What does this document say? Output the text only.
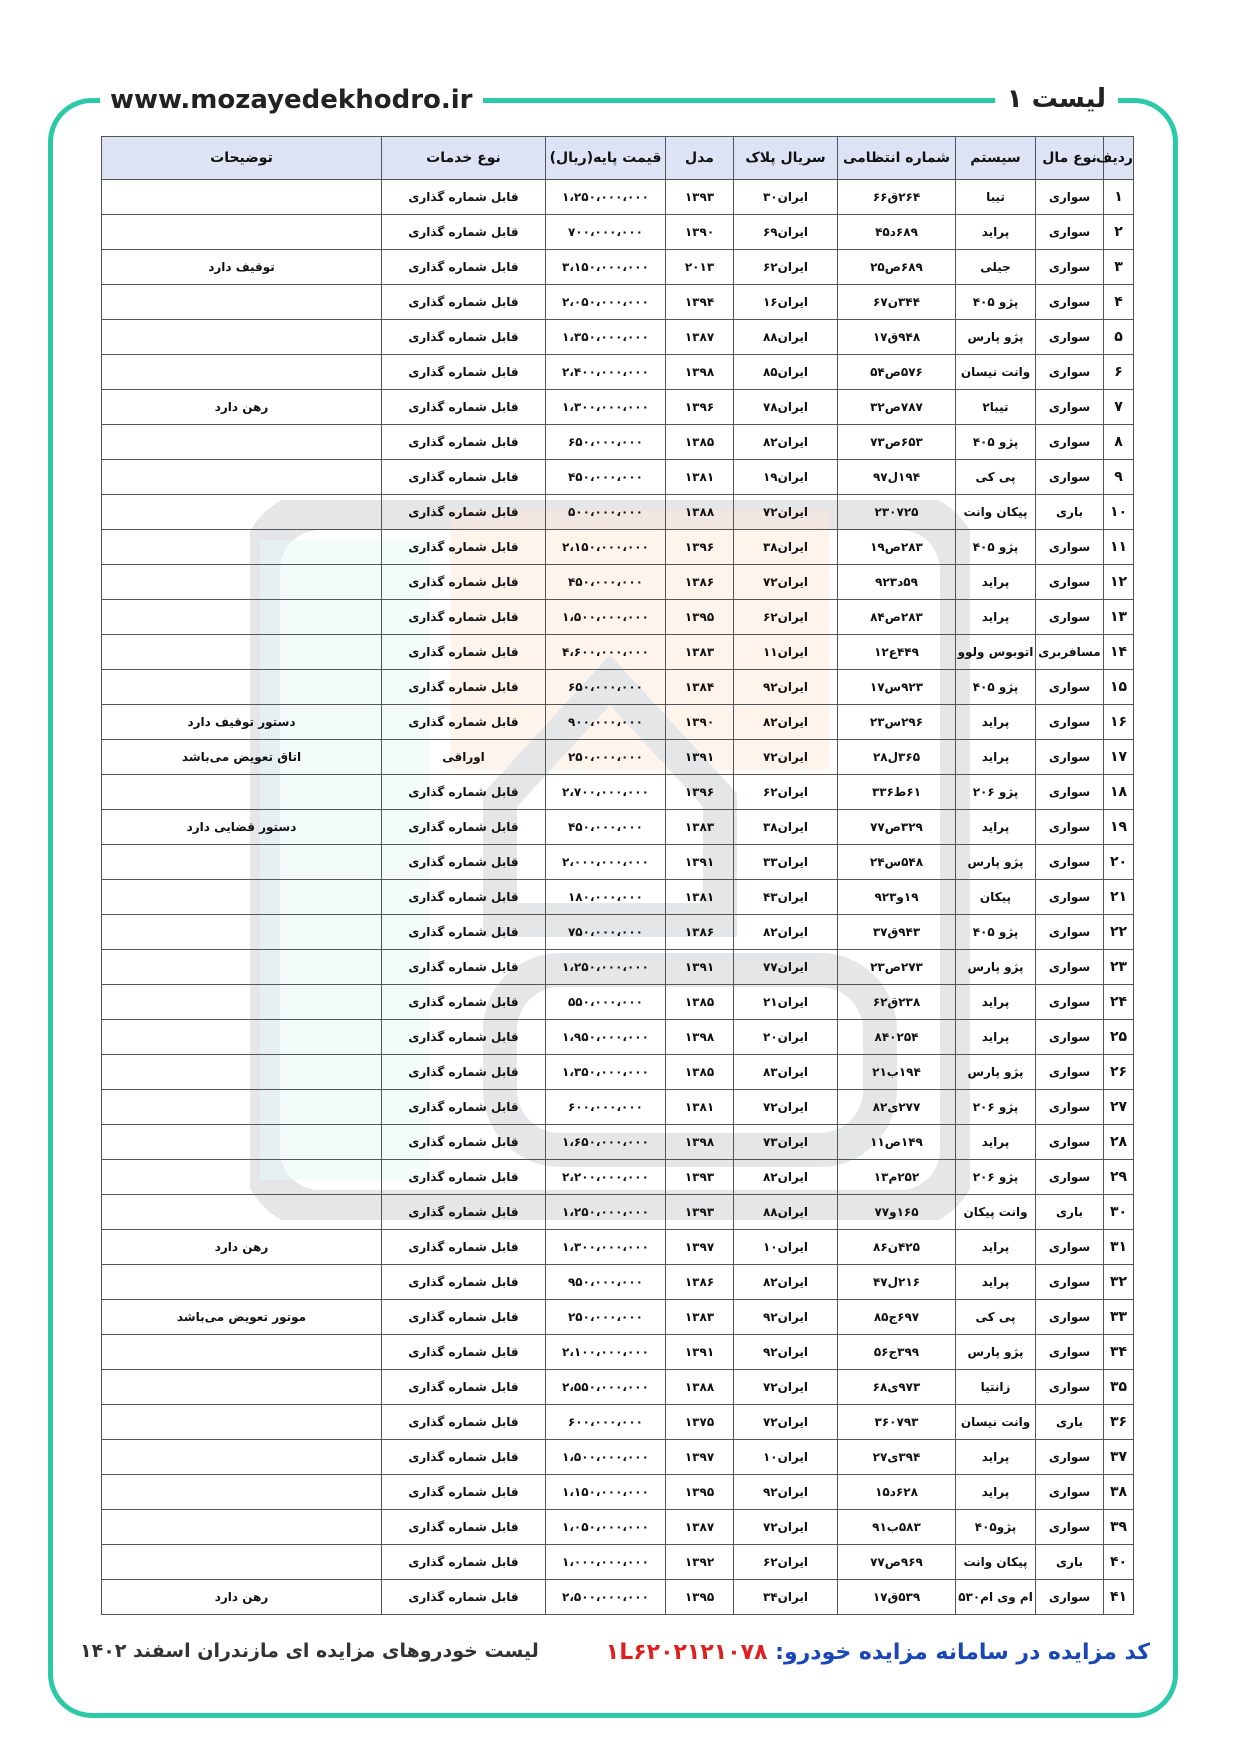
www.mozayedekhodro.ir	لیست ۱
ردیف	نوع مال	سیستم	شماره انتظامی	سریال پلاک	مدل	قیمت پایه(ریال)	نوع خدمات	توضیحات
۱	سواری	تیبا	۲۶۴ق۶۶	ایران۳۰	۱۳۹۳	۱،۲۵۰،۰۰۰،۰۰۰	قابل شماره گذاری	
۲	سواری	پراید	۶۸۹د۴۵	ایران۶۹	۱۳۹۰	۷۰۰،۰۰۰،۰۰۰	قابل شماره گذاری	
۳	سواری	جیلی	۶۸۹ص۲۵	ایران۶۲	۲۰۱۳	۳،۱۵۰،۰۰۰،۰۰۰	قابل شماره گذاری	توقیف دارد
۴	سواری	پژو ۴۰۵	۳۴۴ن۶۷	ایران۱۶	۱۳۹۴	۲،۰۵۰،۰۰۰،۰۰۰	قابل شماره گذاری	
۵	سواری	پژو پارس	۹۴۸ق۱۷	ایران۸۸	۱۳۸۷	۱،۳۵۰،۰۰۰،۰۰۰	قابل شماره گذاری	
۶	سواری	وانت نیسان	۵۷۶ص۵۴	ایران۸۵	۱۳۹۸	۲،۴۰۰،۰۰۰،۰۰۰	قابل شماره گذاری	
۷	سواری	تیبا۲	۷۸۷ص۳۲	ایران۷۸	۱۳۹۶	۱،۳۰۰،۰۰۰،۰۰۰	قابل شماره گذاری	رهن دارد
۸	سواری	پژو ۴۰۵	۶۵۳ص۷۳	ایران۸۲	۱۳۸۵	۶۵۰،۰۰۰،۰۰۰	قابل شماره گذاری	
۹	سواری	پی کی	۱۹۴ل۹۷	ایران۱۹	۱۳۸۱	۴۵۰،۰۰۰،۰۰۰	قابل شماره گذاری	
۱۰	باری	پیکان وانت	۲۳۰۷۲۵	ایران۷۲	۱۳۸۸	۵۰۰،۰۰۰،۰۰۰	قابل شماره گذاری	
۱۱	سواری	پژو ۴۰۵	۲۸۳ص۱۹	ایران۳۸	۱۳۹۶	۲،۱۵۰،۰۰۰،۰۰۰	قابل شماره گذاری	
۱۲	سواری	پراید	۵۹د۹۲۳	ایران۷۲	۱۳۸۶	۴۵۰،۰۰۰،۰۰۰	قابل شماره گذاری	
۱۳	سواری	پراید	۲۸۳ص۸۴	ایران۶۲	۱۳۹۵	۱،۵۰۰،۰۰۰،۰۰۰	قابل شماره گذاری	
۱۴	مسافربری	اتوبوس ولوو	۴۴۹ع۱۲	ایران۱۱	۱۳۸۳	۴،۶۰۰،۰۰۰،۰۰۰	قابل شماره گذاری	
۱۵	سواری	پژو ۴۰۵	۹۲۳س۱۷	ایران۹۲	۱۳۸۴	۶۵۰،۰۰۰،۰۰۰	قابل شماره گذاری	
۱۶	سواری	پراید	۲۹۶س۲۳	ایران۸۲	۱۳۹۰	۹۰۰،۰۰۰،۰۰۰	قابل شماره گذاری	دستور توقیف دارد
۱۷	سواری	پراید	۳۶۵ل۲۸	ایران۷۲	۱۳۹۱	۲۵۰،۰۰۰،۰۰۰	اوراقی	اتاق تعویض می‌باشد
۱۸	سواری	پژو ۲۰۶	۶۱ط۳۳۶	ایران۶۲	۱۳۹۶	۲،۷۰۰،۰۰۰،۰۰۰	قابل شماره گذاری	
۱۹	سواری	پراید	۳۲۹ص۷۷	ایران۳۸	۱۳۸۳	۴۵۰،۰۰۰،۰۰۰	قابل شماره گذاری	دستور قضایی دارد
۲۰	سواری	پژو پارس	۵۴۸س۲۴	ایران۳۳	۱۳۹۱	۲،۰۰۰،۰۰۰،۰۰۰	قابل شماره گذاری	
۲۱	سواری	پیکان	۱۹و۹۲۳	ایران۴۳	۱۳۸۱	۱۸۰،۰۰۰،۰۰۰	قابل شماره گذاری	
۲۲	سواری	پژو ۴۰۵	۹۴۳ق۳۷	ایران۸۲	۱۳۸۶	۷۵۰،۰۰۰،۰۰۰	قابل شماره گذاری	
۲۳	سواری	پژو پارس	۲۷۳ص۲۳	ایران۷۷	۱۳۹۱	۱،۲۵۰،۰۰۰،۰۰۰	قابل شماره گذاری	
۲۴	سواری	پراید	۲۳۸ق۶۲	ایران۲۱	۱۳۸۵	۵۵۰،۰۰۰،۰۰۰	قابل شماره گذاری	
۲۵	سواری	پراید	۸۴۰۲۵۴	ایران۲۰	۱۳۹۸	۱،۹۵۰،۰۰۰،۰۰۰	قابل شماره گذاری	
۲۶	سواری	پژو پارس	۱۹۴ب۲۱	ایران۸۳	۱۳۸۵	۱،۳۵۰،۰۰۰،۰۰۰	قابل شماره گذاری	
۲۷	سواری	پژو ۲۰۶	۲۷۷ی۸۲	ایران۷۲	۱۳۸۱	۶۰۰،۰۰۰،۰۰۰	قابل شماره گذاری	
۲۸	سواری	پراید	۱۴۹ص۱۱	ایران۷۳	۱۳۹۸	۱،۶۵۰،۰۰۰،۰۰۰	قابل شماره گذاری	
۲۹	سواری	پژو ۲۰۶	۲۵۲م۱۳	ایران۸۲	۱۳۹۳	۲،۲۰۰،۰۰۰،۰۰۰	قابل شماره گذاری	
۳۰	باری	وانت پیکان	۱۶۵و۷۷	ایران۸۸	۱۳۹۳	۱،۲۵۰،۰۰۰،۰۰۰	قابل شماره گذاری	
۳۱	سواری	پراید	۴۲۵ن۸۶	ایران۱۰	۱۳۹۷	۱،۳۰۰،۰۰۰،۰۰۰	قابل شماره گذاری	رهن دارد
۳۲	سواری	پراید	۲۱۶ل۴۷	ایران۸۲	۱۳۸۶	۹۵۰،۰۰۰،۰۰۰	قابل شماره گذاری	
۳۳	سواری	پی کی	۶۹۷ج۸۵	ایران۹۲	۱۳۸۳	۲۵۰،۰۰۰،۰۰۰	قابل شماره گذاری	موتور تعویض می‌باشد
۳۴	سواری	پژو پارس	۳۹۹ج۵۶	ایران۹۲	۱۳۹۱	۲،۱۰۰،۰۰۰،۰۰۰	قابل شماره گذاری	
۳۵	سواری	زانتیا	۹۷۳ی۶۸	ایران۷۲	۱۳۸۸	۲،۵۵۰،۰۰۰،۰۰۰	قابل شماره گذاری	
۳۶	باری	وانت نیسان	۳۶۰۷۹۳	ایران۷۲	۱۳۷۵	۶۰۰،۰۰۰،۰۰۰	قابل شماره گذاری	
۳۷	سواری	پراید	۳۹۴ی۲۷	ایران۱۰	۱۳۹۷	۱،۵۰۰،۰۰۰،۰۰۰	قابل شماره گذاری	
۳۸	سواری	پراید	۶۲۸د۱۵	ایران۹۲	۱۳۹۵	۱،۱۵۰،۰۰۰،۰۰۰	قابل شماره گذاری	
۳۹	سواری	پژو۴۰۵	۵۸۳ب۹۱	ایران۷۲	۱۳۸۷	۱،۰۵۰،۰۰۰،۰۰۰	قابل شماره گذاری	
۴۰	باری	پیکان وانت	۹۶۹ص۷۷	ایران۶۲	۱۳۹۲	۱،۰۰۰،۰۰۰،۰۰۰	قابل شماره گذاری	
۴۱	سواری	ام وی ام۵۳۰	۵۳۹ق۱۷	ایران۳۴	۱۳۹۵	۲،۵۰۰،۰۰۰،۰۰۰	قابل شماره گذاری	رهن دارد
کد مزایده در سامانه مزایده خودرو: ۱L۶۲۰۲۱۲۱۰۷۸
لیست خودروهای مزایده ای مازندران اسفند ۱۴۰۲
